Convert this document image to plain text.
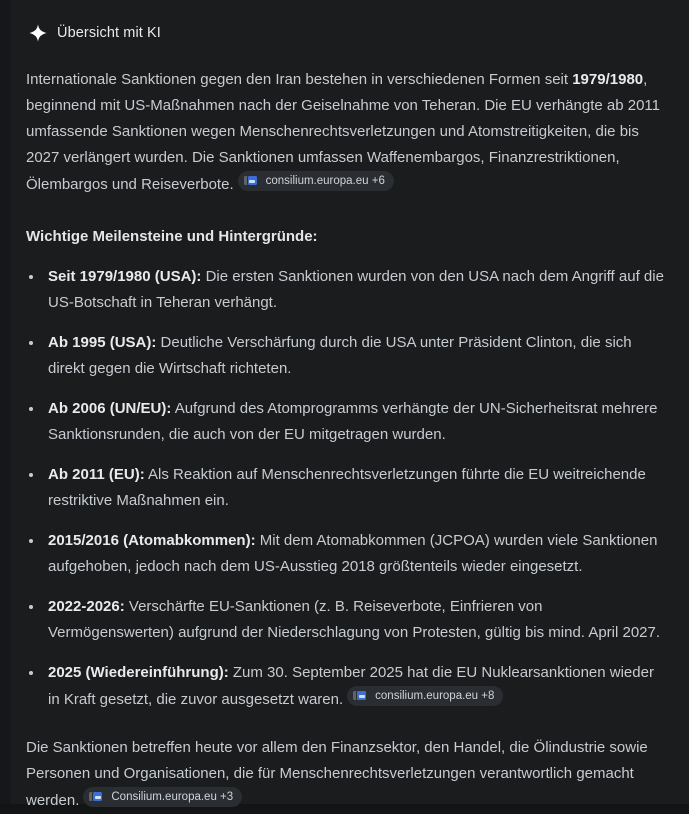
Übersicht mit KI

Internationale Sanktionen gegen den Iran bestehen in verschiedenen Formen seit 1979/1980, beginnend mit US-Maßnahmen nach der Geiselnahme von Teheran. Die EU verhängte ab 2011 umfassende Sanktionen wegen Menschenrechtsverletzungen und Atomstreitigkeiten, die bis 2027 verlängert wurden. Die Sanktionen umfassen Waffenembargos, Finanzrestriktionen, Ölembargos und Reiseverbote.	consilium.europa.eu +6

Wichtige Meilensteine und Hintergründe:

Seit 1979/1980 (USA): Die ersten Sanktionen wurden von den USA nach dem Angriff auf die US-Botschaft in Teheran verhängt.
Ab 1995 (USA): Deutliche Verschärfung durch die USA unter Präsident Clinton, die sich direkt gegen die Wirtschaft richteten.
Ab 2006 (UN/EU): Aufgrund des Atomprogramms verhängte der UN-Sicherheitsrat mehrere Sanktionsrunden, die auch von der EU mitgetragen wurden.
Ab 2011 (EU): Als Reaktion auf Menschenrechtsverletzungen führte die EU weitreichende restriktive Maßnahmen ein.
2015/2016 (Atomabkommen): Mit dem Atomabkommen (JCPOA) wurden viele Sanktionen aufgehoben, jedoch nach dem US-Ausstieg 2018 größtenteils wieder eingesetzt.
2022-2026: Verschärfte EU-Sanktionen (z. B. Reiseverbote, Einfrieren von Vermögenswerten) aufgrund der Niederschlagung von Protesten, gültig bis mind. April 2027.
2025 (Wiedereinführung): Zum 30. September 2025 hat die EU Nuklearsanktionen wieder in Kraft gesetzt, die zuvor ausgesetzt waren.	consilium.europa.eu +8

Die Sanktionen betreffen heute vor allem den Finanzsektor, den Handel, die Ölindustrie sowie Personen und Organisationen, die für Menschenrechtsverletzungen verantwortlich gemacht werden.	Consilium.europa.eu +3
